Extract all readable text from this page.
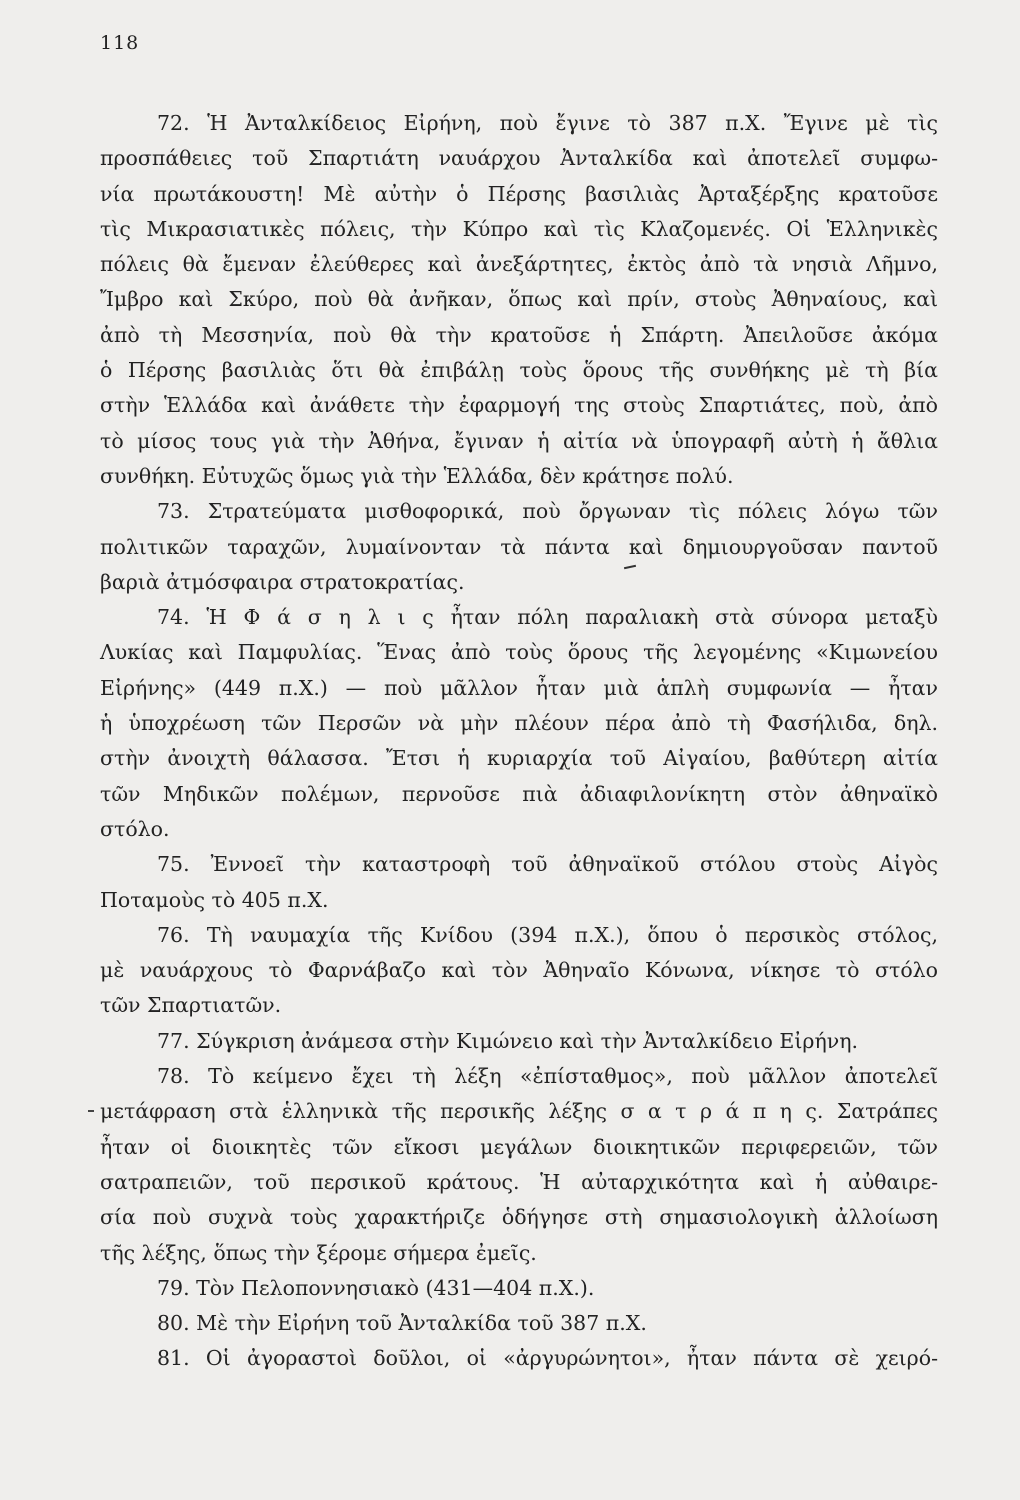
118
72. Ἡ Ἀνταλκίδειος Εἰρήνη, ποὺ ἔγινε τὸ 387 π.Χ. Ἔγινε μὲ τὶς
προσπάθειες τοῦ Σπαρτιάτη ναυάρχου Ἀνταλκίδα καὶ ἀποτελεῖ συμφω-
νία πρωτάκουστη! Μὲ αὐτὴν ὁ Πέρσης βασιλιὰς Ἀρταξέρξης κρατοῦσε
τὶς Μικρασιατικὲς πόλεις, τὴν Κύπρο καὶ τὶς Κλαζομενές. Οἱ Ἑλληνικὲς
πόλεις θὰ ἔμεναν ἐλεύθερες καὶ ἀνεξάρτητες, ἐκτὸς ἀπὸ τὰ νησιὰ Λῆμνο,
Ἴμβρο καὶ Σκύρο, ποὺ θὰ ἀνῆκαν, ὅπως καὶ πρίν, στοὺς Ἀθηναίους, καὶ
ἀπὸ τὴ Μεσσηνία, ποὺ θὰ τὴν κρατοῦσε ἡ Σπάρτη. Ἀπειλοῦσε ἀκόμα
ὁ Πέρσης βασιλιὰς ὅτι θὰ ἐπιβάλῃ τοὺς ὅρους τῆς συνθήκης μὲ τὴ βία
στὴν Ἑλλάδα καὶ ἀνάθετε τὴν ἐφαρμογή της στοὺς Σπαρτιάτες, ποὺ, ἀπὸ
τὸ μίσος τους γιὰ τὴν Ἀθήνα, ἔγιναν ἡ αἰτία νὰ ὑπογραφῆ αὐτὴ ἡ ἄθλια
συνθήκη. Εὐτυχῶς ὅμως γιὰ τὴν Ἑλλάδα, δὲν κράτησε πολύ.
73. Στρατεύματα μισθοφορικά, ποὺ ὄργωναν τὶς πόλεις λόγω τῶν
πολιτικῶν ταραχῶν, λυμαίνονταν τὰ πάντα καὶ δημιουργοῦσαν παντοῦ
βαριὰ ἀτμόσφαιρα στρατοκρατίας.
74. Ἡ Φ ά σ η λ ι ς ἦταν πόλη παραλιακὴ στὰ σύνορα μεταξὺ
Λυκίας καὶ Παμφυλίας. Ἕνας ἀπὸ τοὺς ὅρους τῆς λεγομένης «Κιμωνείου
Εἰρήνης» (449 π.Χ.) — ποὺ μᾶλλον ἦταν μιὰ ἁπλὴ συμφωνία — ἦταν
ἡ ὑποχρέωση τῶν Περσῶν νὰ μὴν πλέουν πέρα ἀπὸ τὴ Φασήλιδα, δηλ.
στὴν ἀνοιχτὴ θάλασσα. Ἔτσι ἡ κυριαρχία τοῦ Αἰγαίου, βαθύτερη αἰτία
τῶν Μηδικῶν πολέμων, περνοῦσε πιὰ ἀδιαφιλονίκητη στὸν ἀθηναϊκὸ
στόλο.
75. Ἐννοεῖ τὴν καταστροφὴ τοῦ ἀθηναϊκοῦ στόλου στοὺς Αἰγὸς
Ποταμοὺς τὸ 405 π.Χ.
76. Τὴ ναυμαχία τῆς Κνίδου (394 π.Χ.), ὅπου ὁ περσικὸς στόλος,
μὲ ναυάρχους τὸ Φαρνάβαζο καὶ τὸν Ἀθηναῖο Κόνωνα, νίκησε τὸ στόλο
τῶν Σπαρτιατῶν.
77. Σύγκριση ἀνάμεσα στὴν Κιμώνειο καὶ τὴν Ἀνταλκίδειο Εἰρήνη.
78. Τὸ κείμενο ἔχει τὴ λέξη «ἐπίσταθμος», ποὺ μᾶλλον ἀποτελεῖ
μετάφραση στὰ ἑλληνικὰ τῆς περσικῆς λέξης σ α τ ρ ά π η ς. Σατράπες
ἦταν οἱ διοικητὲς τῶν εἴκοσι μεγάλων διοικητικῶν περιφερειῶν, τῶν
σατραπειῶν, τοῦ περσικοῦ κράτους. Ἡ αὐταρχικότητα καὶ ἡ αὐθαιρε-
σία ποὺ συχνὰ τοὺς χαρακτήριζε ὁδήγησε στὴ σημασιολογικὴ ἀλλοίωση
τῆς λέξης, ὅπως τὴν ξέρομε σήμερα ἐμεῖς.
79. Τὸν Πελοποννησιακὸ (431—404 π.Χ.).
80. Μὲ τὴν Εἰρήνη τοῦ Ἀνταλκίδα τοῦ 387 π.Χ.
81. Οἱ ἀγοραστοὶ δοῦλοι, οἱ «ἀργυρώνητοι», ἦταν πάντα σὲ χειρό-
